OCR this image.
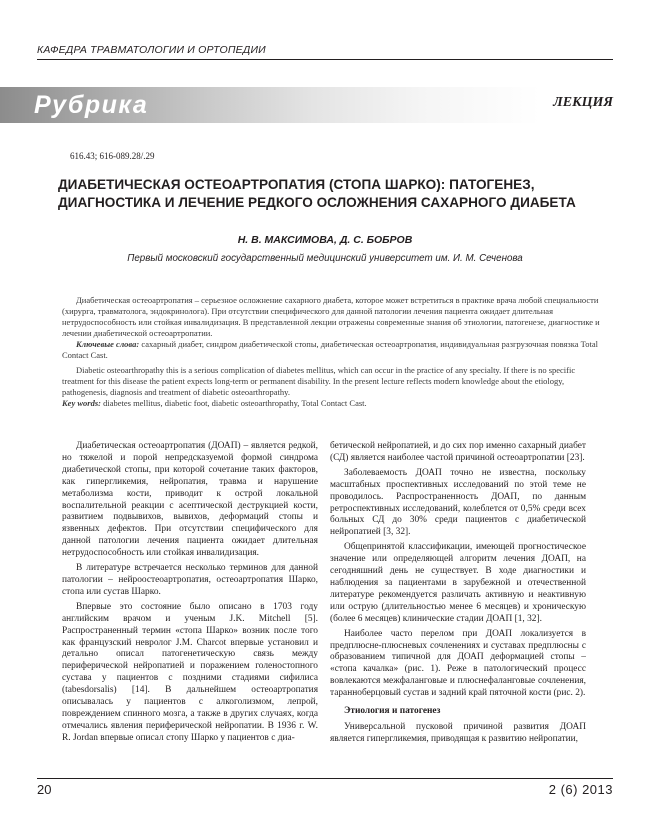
КАФЕДРА ТРАВМАТОЛОГИИ И ОРТОПЕДИИ
Рубрика	ЛЕКЦИЯ
616.43; 616-089.28/.29
ДИАБЕТИЧЕСКАЯ ОСТЕОАРТРОПАТИЯ (СТОПА ШАРКО): ПАТОГЕНЕЗ, ДИАГНОСТИКА И ЛЕЧЕНИЕ РЕДКОГО ОСЛОЖНЕНИЯ САХАРНОГО ДИАБЕТА
Н. В. МАКСИМОВА, Д. С. БОБРОВ
Первый московский государственный медицинский университет им. И. М. Сеченова

Диабетическая остеоартропатия – серьезное осложнение сахарного диабета, которое может встретиться в практике врача любой специальности (хирурга, травматолога, эндокринолога). При отсутствии специфического для данной патологии лечения пациента ожидает длительная нетрудоспособность или стойкая инвалидизация. В представленной лекции отражены современные знания об этиологии, патогенезе, диагностике и лечении диабетической остеоартропатии.

Ключевые слова: сахарный диабет, синдром диабетической стопы, диабетическая остеоартропатия, индивидуальная разгрузочная повязка Total Contact Cast.

Diabetic osteoarthropathy this is a serious complication of diabetes mellitus, which can occur in the practice of any specialty. If there is no specific treatment for this disease the patient expects long-term or permanent disability. In the present lecture reflects modern knowledge about the etiology, pathogenesis, diagnosis and treatment of diabetic osteoarthropathy.

Key words: diabetes mellitus, diabetic foot, diabetic osteoarthropathy, Total Contact Cast.

Диабетическая остеоартропатия (ДОАП) – является редкой, но тяжелой и порой непредсказуемой формой синдрома диабетической стопы, при которой сочетание таких факторов, как гипергликемия, нейропатия, травма и нарушение метаболизма кости, приводит к острой локальной воспалительной реакции с асептической деструкцией кости, развитием подвывихов, вывихов, деформаций стопы и язвенных дефектов. При отсутствии специфического для данной патологии лечения пациента ожидает длительная нетрудоспособность или стойкая инвалидизация.

В литературе встречается несколько терминов для данной патологии – нейроостеоартропатия, остеоартропатия Шарко, стопа или сустав Шарко.

Впервые это состояние было описано в 1703 году английским врачом и ученым J.K. Mitchell [5]. Распространенный термин «стопа Шарко» возник после того как французский невролог J.M. Charcot впервые установил и детально описал патогенетическую связь между периферической нейропатией и поражением голеностопного сустава у пациентов с поздними стадиями сифилиса (tabesdorsalis) [14]. В дальнейшем остеоартропатия описывалась у пациентов с алкоголизмом, лепрой, повреждением спинного мозга, а также в других случаях, когда отмечались явления периферической нейропатии. В 1936 г. W. R. Jordan впервые описал стопу Шарко у пациентов с диа-

бетической нейропатией, и до сих пор именно сахарный диабет (СД) является наиболее частой причиной остеоартропатии [23].

Заболеваемость ДОАП точно не известна, поскольку масштабных проспективных исследований по этой теме не проводилось. Распространенность ДОАП, по данным ретроспективных исследований, колеблется от 0,5% среди всех больных СД до 30% среди пациентов с диабетической нейропатией [3, 32].

Общепринятой классификации, имеющей прогностическое значение или определяющей алгоритм лечения ДОАП, на сегодняшний день не существует. В ходе диагностики и наблюдения за пациентами в зарубежной и отечественной литературе рекомендуется различать активную и неактивную или острую (длительностью менее 6 месяцев) и хроническую (более 6 месяцев) клинические стадии ДОАП [1, 32].

Наиболее часто перелом при ДОАП локализуется в предплюсне-плюсневых сочленениях и суставах предплюсны с образованием типичной для ДОАП деформацией стопы – «стопа качалка» (рис. 1). Реже в патологический процесс вовлекаются межфаланговые и плюснефаланговые сочленения, таранноберцовый сустав и задний край пяточной кости (рис. 2).

Этиология и патогенез

Универсальной пусковой причиной развития ДОАП является гипергликемия, приводящая к развитию нейропатии,

20	2 (6) 2013
